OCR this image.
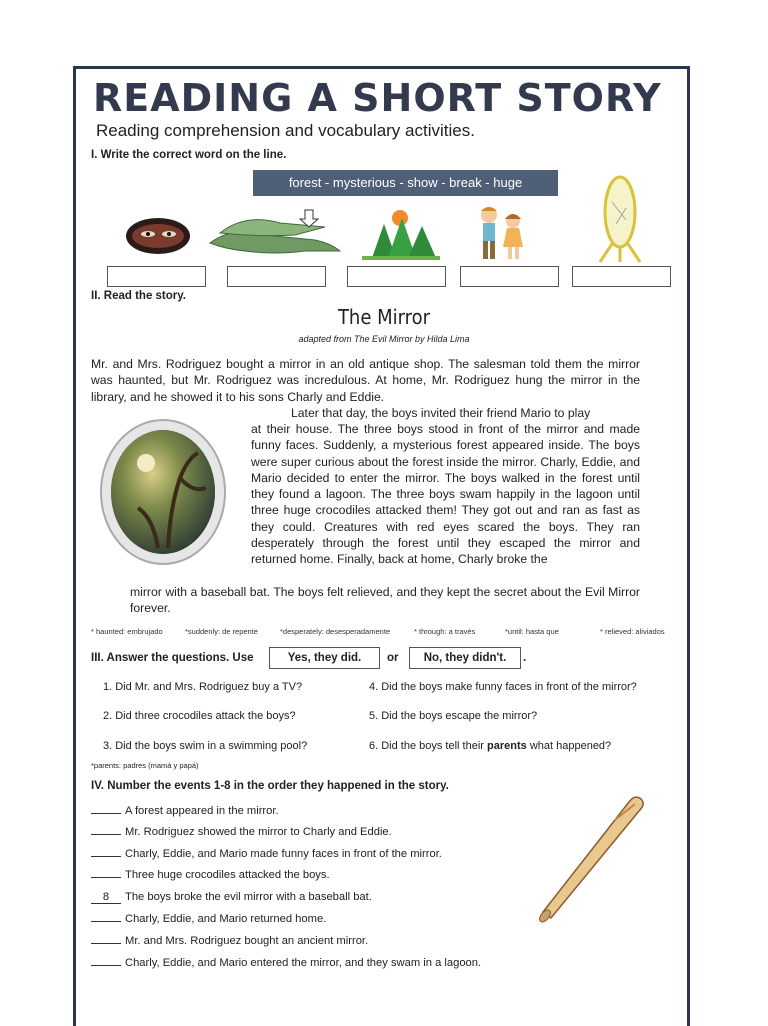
READING A SHORT STORY
Reading comprehension and vocabulary activities.
I. Write the correct word on the line.
forest - mysterious - show - break - huge
II. Read the story.
The Mirror
adapted from The Evil Mirror by Hilda Lima
Mr. and Mrs. Rodriguez bought a mirror in an old antique shop. The salesman told them the mirror was haunted, but Mr. Rodriguez was incredulous. At home, Mr. Rodriguez hung the mirror in the library, and he showed it to his sons Charly and Eddie.
Later that day, the boys invited their friend Mario to play
at their house. The three boys stood in front of the mirror and made funny faces. Suddenly, a mysterious forest appeared inside. The boys were super curious about the forest inside the mirror. Charly, Eddie, and Mario decided to enter the mirror. The boys walked in the forest until they found a lagoon. The three boys swam happily in the lagoon until three huge crocodiles attacked them! They got out and ran as fast as they could. Creatures with red eyes scared the boys. They ran desperately through the forest until they escaped the mirror and returned home. Finally, back at home, Charly broke the
mirror with a baseball bat. The boys felt relieved, and they kept the secret about the Evil Mirror forever.
* haunted: embrujado	*suddenly: de repente	*desperately: desesperadamente	* through: a través	*until: hasta que	* relieved: aliviados
III. Answer the questions. Use	Yes, they did.	or	No, they didn't.	.
1. Did Mr. and Mrs. Rodriguez buy a TV?
2. Did three crocodiles attack the boys?
3. Did the boys swim in a swimming pool?
4. Did the boys make funny faces in front of the mirror?
5. Did the boys escape the mirror?
6. Did the boys tell their parents what happened?
*parents: padres (mamá y papá)
IV. Number the events 1-8 in the order they happened in the story.
A forest appeared in the mirror.
Mr. Rodriguez showed the mirror to Charly and Eddie.
Charly, Eddie, and Mario made funny faces in front of the mirror.
Three huge crocodiles attacked the boys.
8 The boys broke the evil mirror with a baseball bat.
Charly, Eddie, and Mario returned home.
Mr. and Mrs. Rodriguez bought an ancient mirror.
Charly, Eddie, and Mario entered the mirror, and they swam in a lagoon.
